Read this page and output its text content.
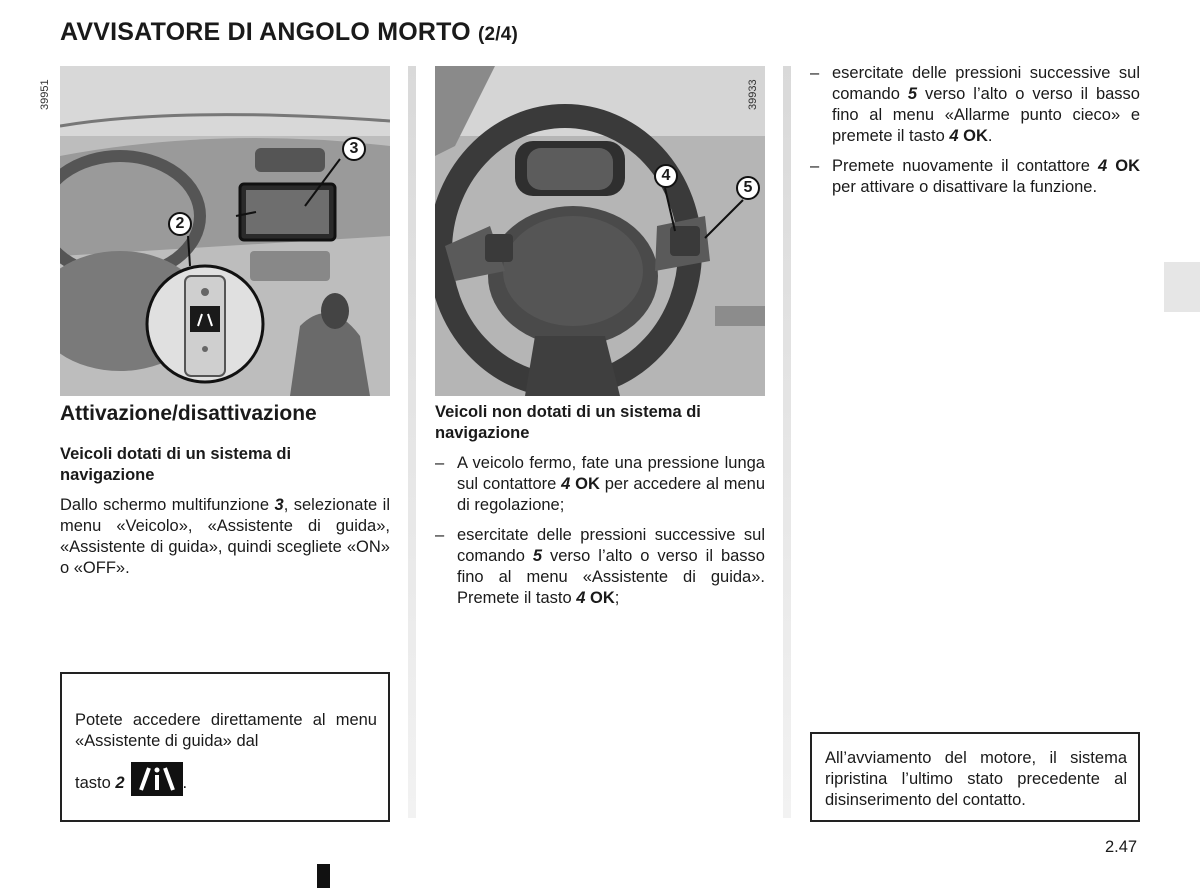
AVVISATORE DI ANGOLO MORTO (2/4)
39951
3
2
39933
4
5
Attivazione/disattivazione
Veicoli dotati di un sistema di navigazione
Dallo schermo multifunzione 3, selezionate il menu «Veicolo», «Assistente di guida», «Assistente di guida», quindi scegliete «ON» o «OFF».
Potete accedere direttamente al menu «Assistente di guida» dal
tasto 2	.
Veicoli non dotati di un sistema di navigazione
– A veicolo fermo, fate una pressione lunga sul contattore 4 OK per accedere al menu di regolazione;
– esercitate delle pressioni successive sul comando 5 verso l’alto o verso il basso fino al menu «Assistente di guida». Premete il tasto 4 OK;
– esercitate delle pressioni successive sul comando 5 verso l’alto o verso il basso fino al menu «Allarme punto cieco» e premete il tasto 4 OK.
– Premete nuovamente il contattore 4 OK per attivare o disattivare la funzione.
All’avviamento del motore, il sistema ripristina l’ultimo stato precedente al disinserimento del contatto.
2.47
